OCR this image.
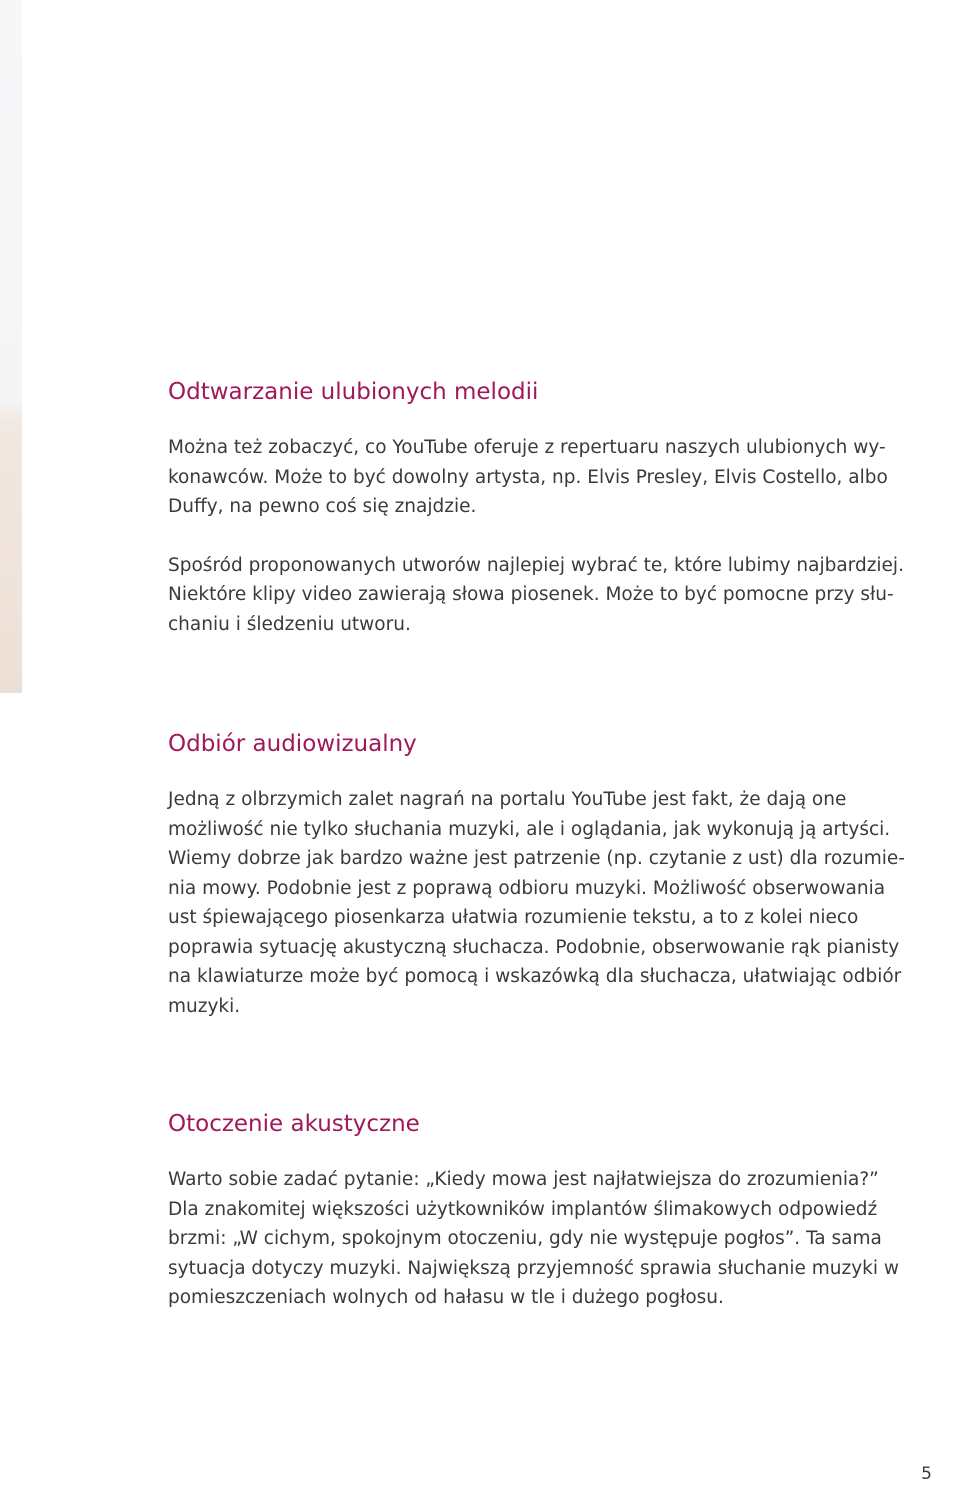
Odtwarzanie ulubionych melodii

Można też zobaczyć, co YouTube oferuje z repertuaru naszych ulubionych wy-
konawców. Może to być dowolny artysta, np. Elvis Presley, Elvis Costello, albo
Duffy, na pewno coś się znajdzie.

Spośród proponowanych utworów najlepiej wybrać te, które lubimy najbardziej.
Niektóre klipy video zawierają słowa piosenek. Może to być pomocne przy słu-
chaniu i śledzeniu utworu.

Odbiór audiowizualny

Jedną z olbrzymich zalet nagrań na portalu YouTube jest fakt, że dają one
możliwość nie tylko słuchania muzyki, ale i oglądania, jak wykonują ją artyści.
Wiemy dobrze jak bardzo ważne jest patrzenie (np. czytanie z ust) dla rozumie-
nia mowy. Podobnie jest z poprawą odbioru muzyki. Możliwość obserwowania
ust śpiewającego piosenkarza ułatwia rozumienie tekstu, a to z kolei nieco
poprawia sytuację akustyczną słuchacza. Podobnie, obserwowanie rąk pianisty
na klawiaturze może być pomocą i wskazówką dla słuchacza, ułatwiając odbiór
muzyki.

Otoczenie akustyczne

Warto sobie zadać pytanie: „Kiedy mowa jest najłatwiejsza do zrozumienia?”
Dla znakomitej większości użytkowników implantów ślimakowych odpowiedź
brzmi: „W cichym, spokojnym otoczeniu, gdy nie występuje pogłos”. Ta sama
sytuacja dotyczy muzyki. Największą przyjemność sprawia słuchanie muzyki w
pomieszczeniach wolnych od hałasu w tle i dużego pogłosu.

5
